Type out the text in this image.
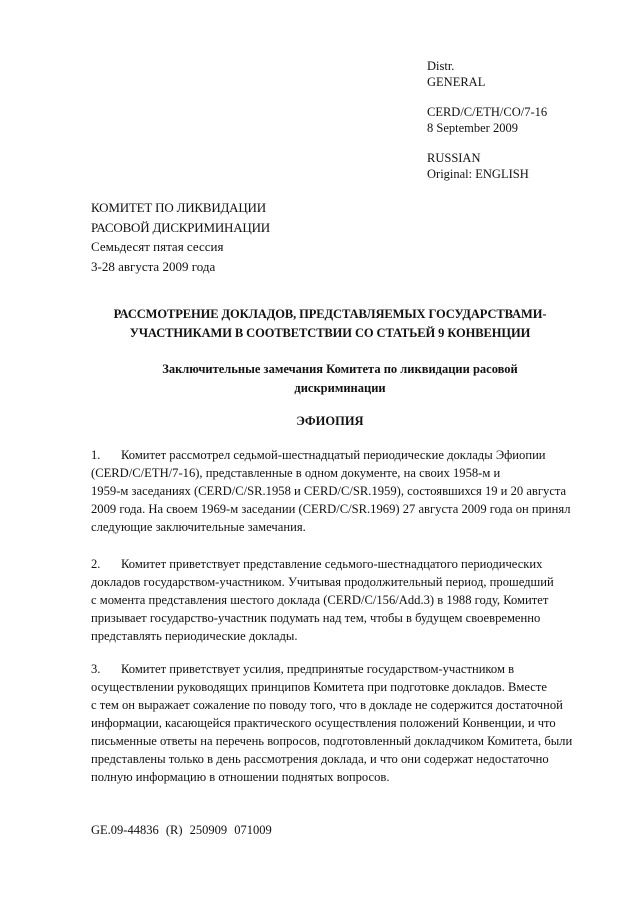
Distr.
GENERAL
CERD/C/ETH/CO/7-16
8 September 2009
RUSSIAN
Original: ENGLISH
КОМИТЕТ ПО ЛИКВИДАЦИИ
РАСОВОЙ ДИСКРИМИНАЦИИ
Семьдесят пятая сессия
3-28 августа 2009 года
РАССМОТРЕНИЕ ДОКЛАДОВ, ПРЕДСТАВЛЯЕМЫХ ГОСУДАРСТВАМИ-
УЧАСТНИКАМИ В СООТВЕТСТВИИ СО СТАТЬЕЙ 9 КОНВЕНЦИИ
Заключительные замечания Комитета по ликвидации расовой
дискриминации
ЭФИОПИЯ
1. Комитет рассмотрел седьмой-шестнадцатый периодические доклады Эфиопии
(CERD/C/ETH/7-16), представленные в одном документе, на своих 1958-м и
1959-м заседаниях (CERD/C/SR.1958 и CERD/C/SR.1959), состоявшихся 19 и 20 августа
2009 года. На своем 1969-м заседании (CERD/C/SR.1969) 27 августа 2009 года он принял
следующие заключительные замечания.
2. Комитет приветствует представление седьмого-шестнадцатого периодических
докладов государством-участником. Учитывая продолжительный период, прошедший
с момента представления шестого доклада (CERD/C/156/Add.3) в 1988 году, Комитет
призывает государство-участник подумать над тем, чтобы в будущем своевременно
представлять периодические доклады.
3. Комитет приветствует усилия, предпринятые государством-участником в
осуществлении руководящих принципов Комитета при подготовке докладов. Вместе
с тем он выражает сожаление по поводу того, что в докладе не содержится достаточной
информации, касающейся практического осуществления положений Конвенции, и что
письменные ответы на перечень вопросов, подготовленный докладчиком Комитета, были
представлены только в день рассмотрения доклада, и что они содержат недостаточно
полную информацию в отношении поднятых вопросов.
GE.09-44836 (R) 250909 071009
